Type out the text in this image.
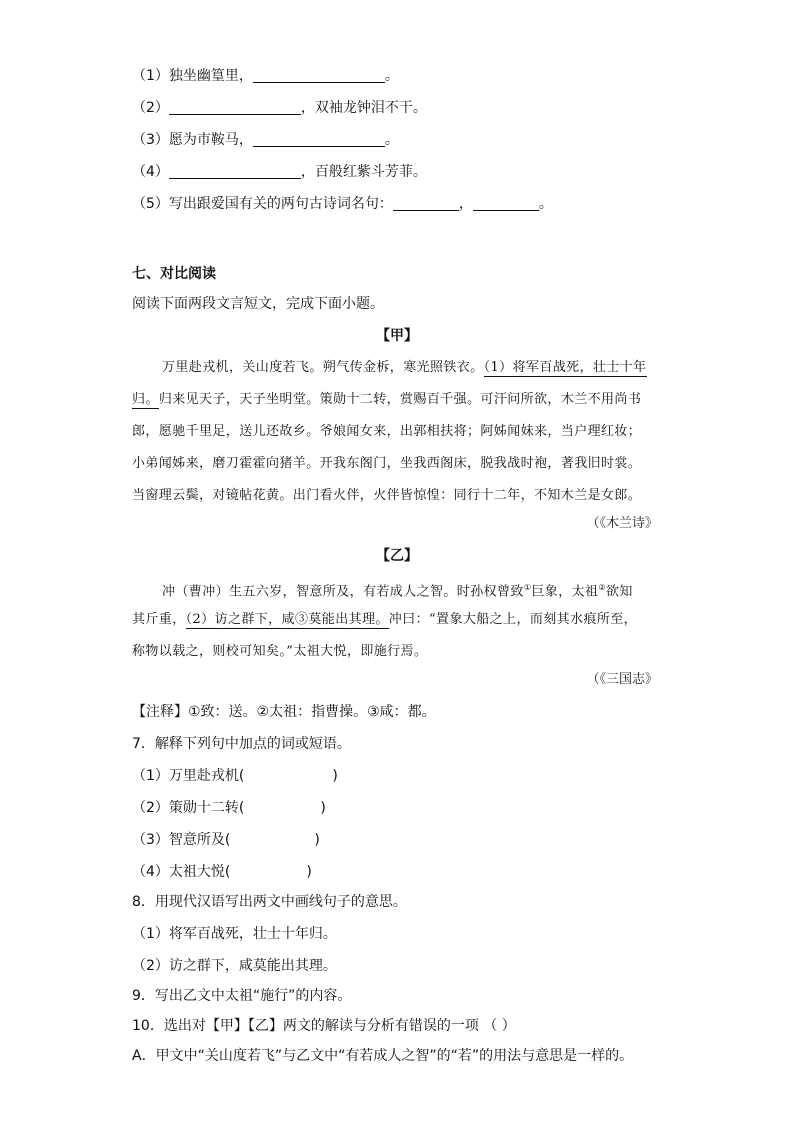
（1）独坐幽篁里，	。
（2）	，双袖龙钟泪不干。
（3）愿为市鞍马，	。
（4）	，百般红紫斗芳菲。
（5）写出跟爱国有关的两句古诗词名句：	，	。
七、对比阅读
阅读下面两段文言短文，完成下面小题。
【甲】
万里赴戎机，关山度若飞。朔气传金柝，寒光照铁衣。（1）将军百战死，壮士十年
归。归来见天子，天子坐明堂。策勋十二转，赏赐百千强。可汗问所欲，木兰不用尚书
郎，愿驰千里足，送儿还故乡。爷娘闻女来，出郭相扶将；阿姊闻妹来，当户理红妆；
小弟闻姊来，磨刀霍霍向猪羊。开我东阁门，坐我西阁床，脱我战时袍，著我旧时裳。
当窗理云鬓，对镜帖花黄。出门看火伴，火伴皆惊惶：同行十二年，不知木兰是女郎。
（《木兰诗》
【乙】
冲（曹冲）生五六岁，智意所及，有若成人之智。时孙权曾致①巨象，太祖②欲知
其斤重，（2）访之群下，咸③莫能出其理。冲曰：“置象大船之上，而刻其水痕所至，
称物以载之，则校可知矣。”太祖大悦，即施行焉。
（《三国志》
【注释】①致：送。②太祖：指曹操。③咸：都。
7．解释下列句中加点的词或短语。
（1）万里赴戎机(	)
（2）策勋十二转(	)
（3）智意所及(	)
（4）太祖大悦(	)
8．用现代汉语写出两文中画线句子的意思。
（1）将军百战死，壮士十年归。
（2）访之群下，咸莫能出其理。
9．写出乙文中太祖“施行”的内容。
10．选出对【甲】【乙】两文的解读与分析有错误的一项 （ ）
A．甲文中“关山度若飞”与乙文中“有若成人之智”的“若”的用法与意思是一样的。
